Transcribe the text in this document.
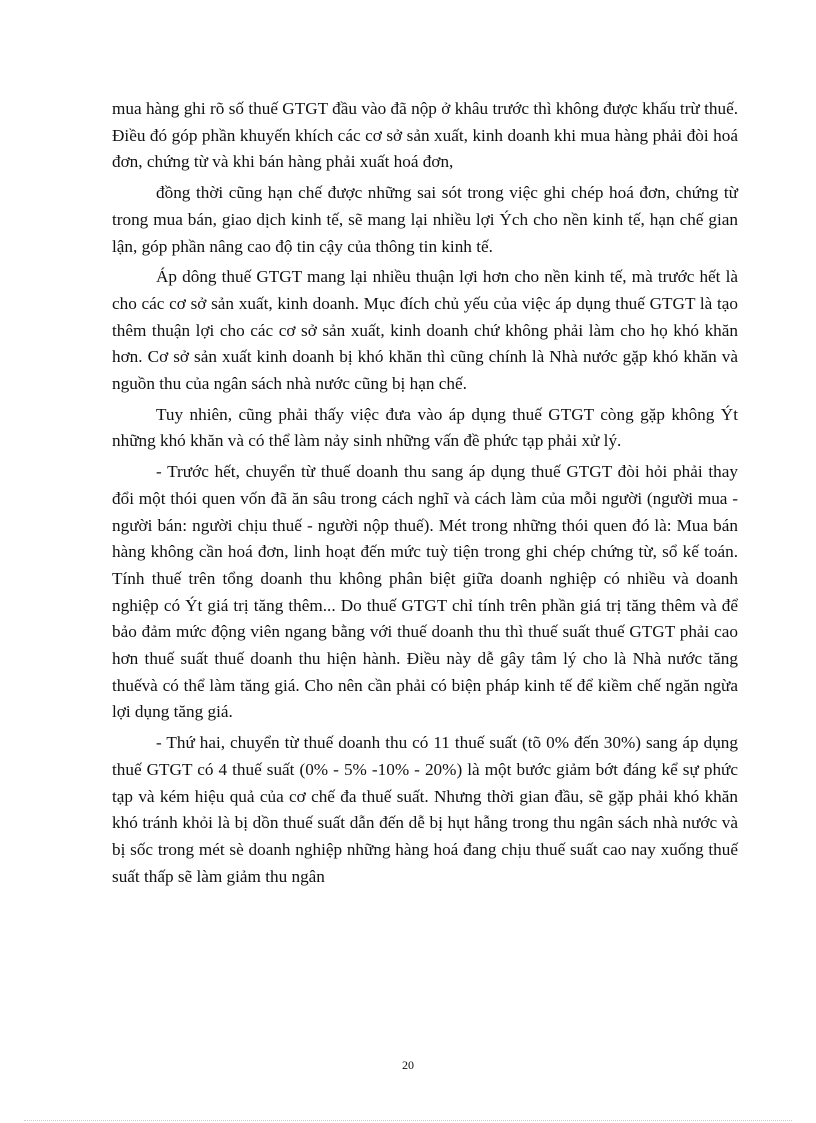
mua hàng ghi rõ số thuế GTGT đầu vào đã nộp ở khâu trước thì không được khấu trừ thuế. Điều đó góp phần khuyến khích các cơ sở sản xuất, kinh doanh khi mua hàng phải đòi hoá đơn, chứng từ và khi bán hàng phải xuất hoá đơn,

đồng thời cũng hạn chế được những sai sót trong việc ghi chép hoá đơn, chứng từ trong mua bán, giao dịch kinh tế, sẽ mang lại nhiều lợi Ých cho nền kinh tế, hạn chế gian lận, góp phần nâng cao độ tin cậy của thông tin kinh tế.

Áp dông thuế GTGT mang lại nhiều thuận lợi hơn cho nền kinh tế, mà trước hết là cho các cơ sở sản xuất, kinh doanh. Mục đích chủ yếu của việc áp dụng thuế GTGT là tạo thêm thuận lợi cho các cơ sở sản xuất, kinh doanh chứ không phải làm cho họ khó khăn hơn. Cơ sở sản xuất kinh doanh bị khó khăn thì cũng chính là Nhà nước gặp khó khăn và nguồn thu của ngân sách nhà nước cũng bị hạn chế.

Tuy nhiên, cũng phải thấy việc đưa vào áp dụng thuế GTGT còng gặp không Ýt những khó khăn và có thể làm nảy sinh những vấn đề phức tạp phải xử lý.

- Trước hết, chuyển từ thuế doanh thu sang áp dụng thuế GTGT đòi hỏi phải thay đổi một thói quen vốn đã ăn sâu trong cách nghĩ và cách làm của mỗi người (người mua - người bán: người chịu thuế - người nộp thuế). Mét trong những thói quen đó là: Mua bán hàng không cần hoá đơn, linh hoạt đến mức tuỳ tiện trong ghi chép chứng từ, sổ kế toán. Tính thuế trên tổng doanh thu không phân biệt giữa doanh nghiệp có nhiều và doanh nghiệp có Ýt giá trị tăng thêm... Do thuế GTGT chỉ tính trên phần giá trị tăng thêm và để bảo đảm mức động viên ngang bằng với thuế doanh thu thì thuế suất thuế GTGT phải cao hơn thuế suất thuế doanh thu hiện hành. Điều này dễ gây tâm lý cho là Nhà nước tăng thuếvà có thể làm tăng giá. Cho nên cần phải có biện pháp kinh tế để kiềm chế ngăn ngừa lợi dụng tăng giá.

- Thứ hai, chuyển từ thuế doanh thu có 11 thuế suất (tõ 0% đến 30%) sang áp dụng thuế GTGT có 4 thuế suất (0% - 5% -10% - 20%) là một bước giảm bớt đáng kể sự phức tạp và kém hiệu quả của cơ chế đa thuế suất. Nhưng thời gian đầu, sẽ gặp phải khó khăn khó tránh khỏi là bị dồn thuế suất dẫn đến dễ bị hụt hẫng trong thu ngân sách nhà nước và bị sốc trong mét sè doanh nghiệp những hàng hoá đang chịu thuế suất cao nay xuống thuế suất thấp sẽ làm giảm thu ngân

20
